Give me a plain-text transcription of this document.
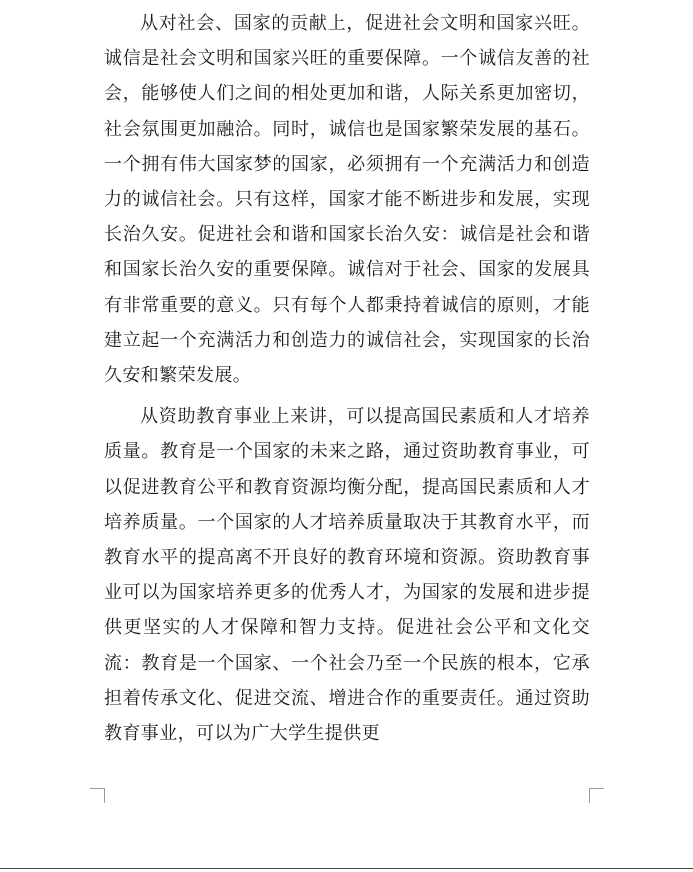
从对社会、国家的贡献上，促进社会文明和国家兴旺。诚信是社会文明和国家兴旺的重要保障。一个诚信友善的社会，能够使人们之间的相处更加和谐，人际关系更加密切，社会氛围更加融洽。同时，诚信也是国家繁荣发展的基石。一个拥有伟大国家梦的国家，必须拥有一个充满活力和创造力的诚信社会。只有这样，国家才能不断进步和发展，实现长治久安。促进社会和谐和国家长治久安：诚信是社会和谐和国家长治久安的重要保障。诚信对于社会、国家的发展具有非常重要的意义。只有每个人都秉持着诚信的原则，才能建立起一个充满活力和创造力的诚信社会，实现国家的长治久安和繁荣发展。

从资助教育事业上来讲，可以提高国民素质和人才培养质量。教育是一个国家的未来之路，通过资助教育事业，可以促进教育公平和教育资源均衡分配，提高国民素质和人才培养质量。一个国家的人才培养质量取决于其教育水平，而教育水平的提高离不开良好的教育环境和资源。资助教育事业可以为国家培养更多的优秀人才，为国家的发展和进步提供更坚实的人才保障和智力支持。促进社会公平和文化交流：教育是一个国家、一个社会乃至一个民族的根本，它承担着传承文化、促进交流、增进合作的重要责任。通过资助教育事业，可以为广大学生提供更
